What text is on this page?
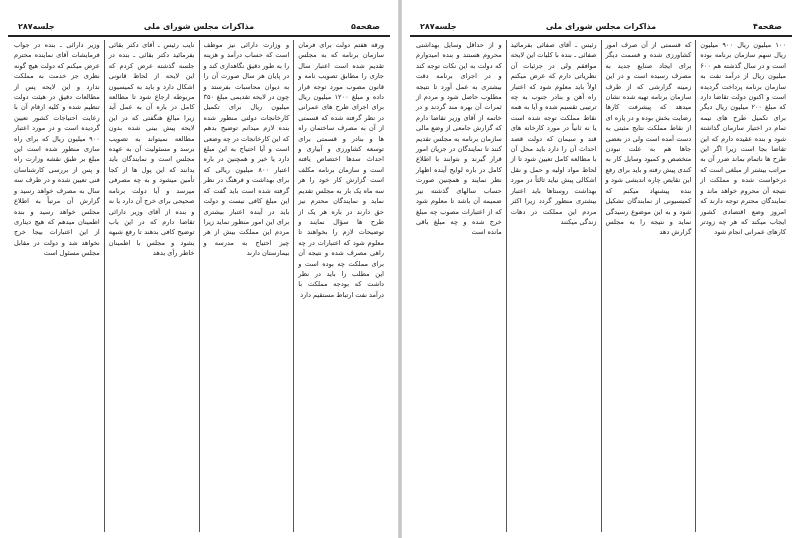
صفحه۵
مذاکرات مجلس شورای ملی
جلسه۲۸۷
ورقه هفتم دولت برای فرمان سازمان برنامه که به مجلس تقدیم شده است اعتبار سال جاری را مطابق تصویب نامه و قانون مصوب مورد توجه قرار داده و مبلغ ۱۲۰۰ میلیون ریال برای اجرای طرح های عمرانی در نظر گرفته شده که قسمتی از آن به مصرف ساختمان راه ها و بنادر و قسمتی برای توسعه کشاورزی و آبیاری و احداث سدها اختصاص یافته است و سازمان برنامه مکلف است گزارش کار خود را هر سه ماه یک بار به مجلس تقدیم نماید و نمایندگان محترم نیز حق دارند در باره هر یک از طرح ها سؤال نمایند و توضیحات لازم را بخواهند تا معلوم شود که اعتبارات در چه راهی مصرف شده و نتیجه آن برای مملکت چه بوده است و این مطلب را باید در نظر داشت که بودجه مملکت با درآمد نفت ارتباط مستقیم دارد
و وزارت دارائی نیز موظف است که حساب درآمد و هزینه را به طور دقیق نگاهداری کند و در پایان هر سال صورت آن را به دیوان محاسبات بفرستد و چون در لایحه تقدیمی مبلغ ۳۵۰ میلیون ریال برای تکمیل کارخانجات دولتی منظور شده بنده لازم میدانم توضیح بدهم که این کارخانجات در چه وضعی است و آیا احتیاج به این مبلغ دارد یا خیر و همچنین در باره اعتبار ۸۰۰ میلیون ریالی که برای بهداشت و فرهنگ در نظر گرفته شده است باید گفت که این مبلغ کافی نیست و دولت باید در آینده اعتبار بیشتری برای این امور منظور نماید زیرا مردم این مملکت بیش از هر چیز احتیاج به مدرسه و بیمارستان دارند
نایب رئیس ـ آقای دکتر بقائی بفرمائید دکتر بقائی ـ بنده در جلسه گذشته عرض کردم که این لایحه از لحاظ قانونی اشکال دارد و باید به کمیسیون مربوطه ارجاع شود تا مطالعه کامل در باره آن به عمل آید زیرا مبالغ هنگفتی که در این لایحه پیش بینی شده بدون مطالعه نمیتواند به تصویب برسد و مسئولیت آن به عهده مجلس است و نمایندگان باید بدانند که این پول ها از کجا تأمین میشود و به چه مصرفی میرسد و آیا دولت برنامه صحیحی برای خرج آن دارد یا نه و بنده از آقای وزیر دارائی تقاضا دارم که در این باب توضیح کافی بدهند تا رفع شبهه بشود و مجلس با اطمینان خاطر رأی بدهد
وزیر دارائی ـ بنده در جواب فرمایشات آقای نماینده محترم عرض میکنم که دولت هیچ گونه نظری جز خدمت به مملکت ندارد و این لایحه پس از مطالعات دقیق در هیئت دولت تنظیم شده و کلیه ارقام آن با رعایت احتیاجات کشور تعیین گردیده است و در مورد اعتبار ۹۰۰ میلیون ریال که برای راه سازی منظور شده است این مبلغ بر طبق نقشه وزارت راه و پس از بررسی کارشناسان فنی تعیین شده و در ظرف سه سال به مصرف خواهد رسید و گزارش آن مرتباً به اطلاع مجلس خواهد رسید و بنده اطمینان میدهم که هیچ دیناری از این اعتبارات بیجا خرج نخواهد شد و دولت در مقابل مجلس مسئول است
صفحه۴
مذاکرات مجلس شورای ملی
جلسه۲۸۷
۱۰۰ میلیون ریال ۹۰۰ میلیون ریال سهم سازمان برنامه بوده است و در سال گذشته هم ۶۰۰ میلیون ریال از درآمد نفت به سازمان برنامه پرداخت گردیده است و اکنون دولت تقاضا دارد که مبلغ ۲۰۰ میلیون ریال دیگر برای تکمیل طرح های نیمه تمام در اختیار سازمان گذاشته شود و بنده عقیده دارم که این تقاضا بجا است زیرا اگر این طرح ها ناتمام بماند ضرر آن به مراتب بیشتر از مبلغی است که درخواست شده و مملکت از نتیجه آن محروم خواهد ماند و نمایندگان محترم توجه دارند که امروز وضع اقتصادی کشور ایجاب میکند که هر چه زودتر کارهای عمرانی انجام شود
که قسمتی از آن صرف امور کشاورزی شده و قسمت دیگر برای ایجاد صنایع جدید به مصرف رسیده است و در این زمینه گزارشی که از طرف سازمان برنامه تهیه شده نشان میدهد که پیشرفت کارها رضایت بخش بوده و در پاره ای از نقاط مملکت نتایج مثبتی به دست آمده است ولی در بعضی جاها هم به علت نبودن متخصص و کمبود وسایل کار به کندی پیش رفته و باید برای رفع این نقایص چاره اندیشی شود و بنده پیشنهاد میکنم که کمیسیونی از نمایندگان تشکیل شود و به این موضوع رسیدگی نماید و نتیجه را به مجلس گزارش دهد
رئیس ـ آقای صفائی بفرمائید صفائی ـ بنده با کلیات این لایحه موافقم ولی در جزئیات آن نظریاتی دارم که عرض میکنم اولاً باید معلوم شود که اعتبار راه آهن و بنادر جنوب به چه ترتیبی تقسیم شده و آیا به همه نقاط مملکت توجه شده است یا نه ثانیاً در مورد کارخانه های قند و سیمان که دولت قصد احداث آن را دارد باید محل آن با مطالعه کامل تعیین شود تا از لحاظ مواد اولیه و حمل و نقل اشکالی پیش نیاید ثالثاً در مورد بهداشت روستاها باید اعتبار بیشتری منظور گردد زیرا اکثر مردم این مملکت در دهات زندگی میکنند
و از حداقل وسایل بهداشتی محروم هستند و بنده امیدوارم که دولت به این نکات توجه کند و در اجرای برنامه دقت بیشتری به عمل آورد تا نتیجه مطلوب حاصل شود و مردم از ثمرات آن بهره مند گردند و در خاتمه از آقای وزیر تقاضا دارم که گزارش جامعی از وضع مالی سازمان برنامه به مجلس تقدیم کنند تا نمایندگان در جریان امور قرار گیرند و بتوانند با اطلاع کامل در باره لوایح آینده اظهار نظر نمایند و همچنین صورت حساب سالهای گذشته نیز ضمیمه آن باشد تا معلوم شود که از اعتبارات مصوب چه مبلغ خرج شده و چه مبلغ باقی مانده است
